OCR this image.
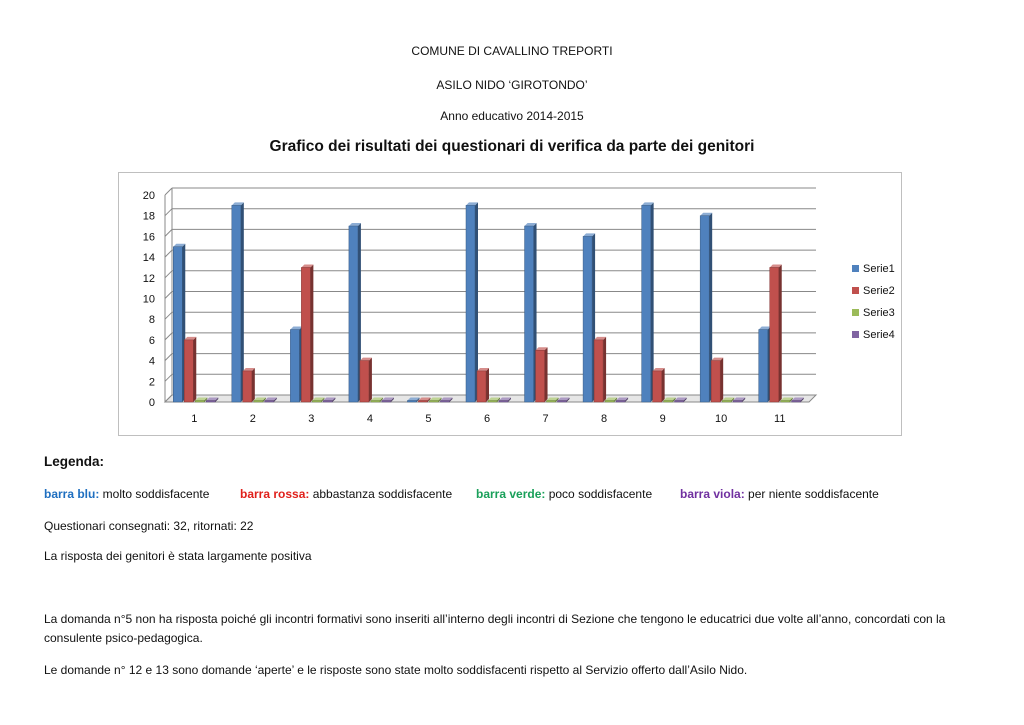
COMUNE DI CAVALLINO TREPORTI
ASILO NIDO ‘GIROTONDO’
Anno educativo 2014-2015
Grafico dei risultati dei questionari di verifica da parte dei genitori
0
2
4
6
8
10
12
14
16
18
20
1	2	3	4	5	6	7	8	9	10	11
Serie1
Serie2
Serie3
Serie4
Legenda:
barra blu: molto soddisfacente	barra rossa: abbastanza soddisfacente barra verde: poco soddisfacente barra viola: per niente soddisfacente
Questionari consegnati: 32, ritornati: 22
La risposta dei genitori è stata largamente positiva
La domanda n°5 non ha risposta poiché gli incontri formativi sono inseriti all’interno degli incontri di Sezione che tengono le educatrici due volte all’anno, concordati con la consulente psico-pedagogica.
Le domande n° 12 e 13 sono domande ‘aperte’ e le risposte sono state molto soddisfacenti rispetto al Servizio offerto dall’Asilo Nido.
